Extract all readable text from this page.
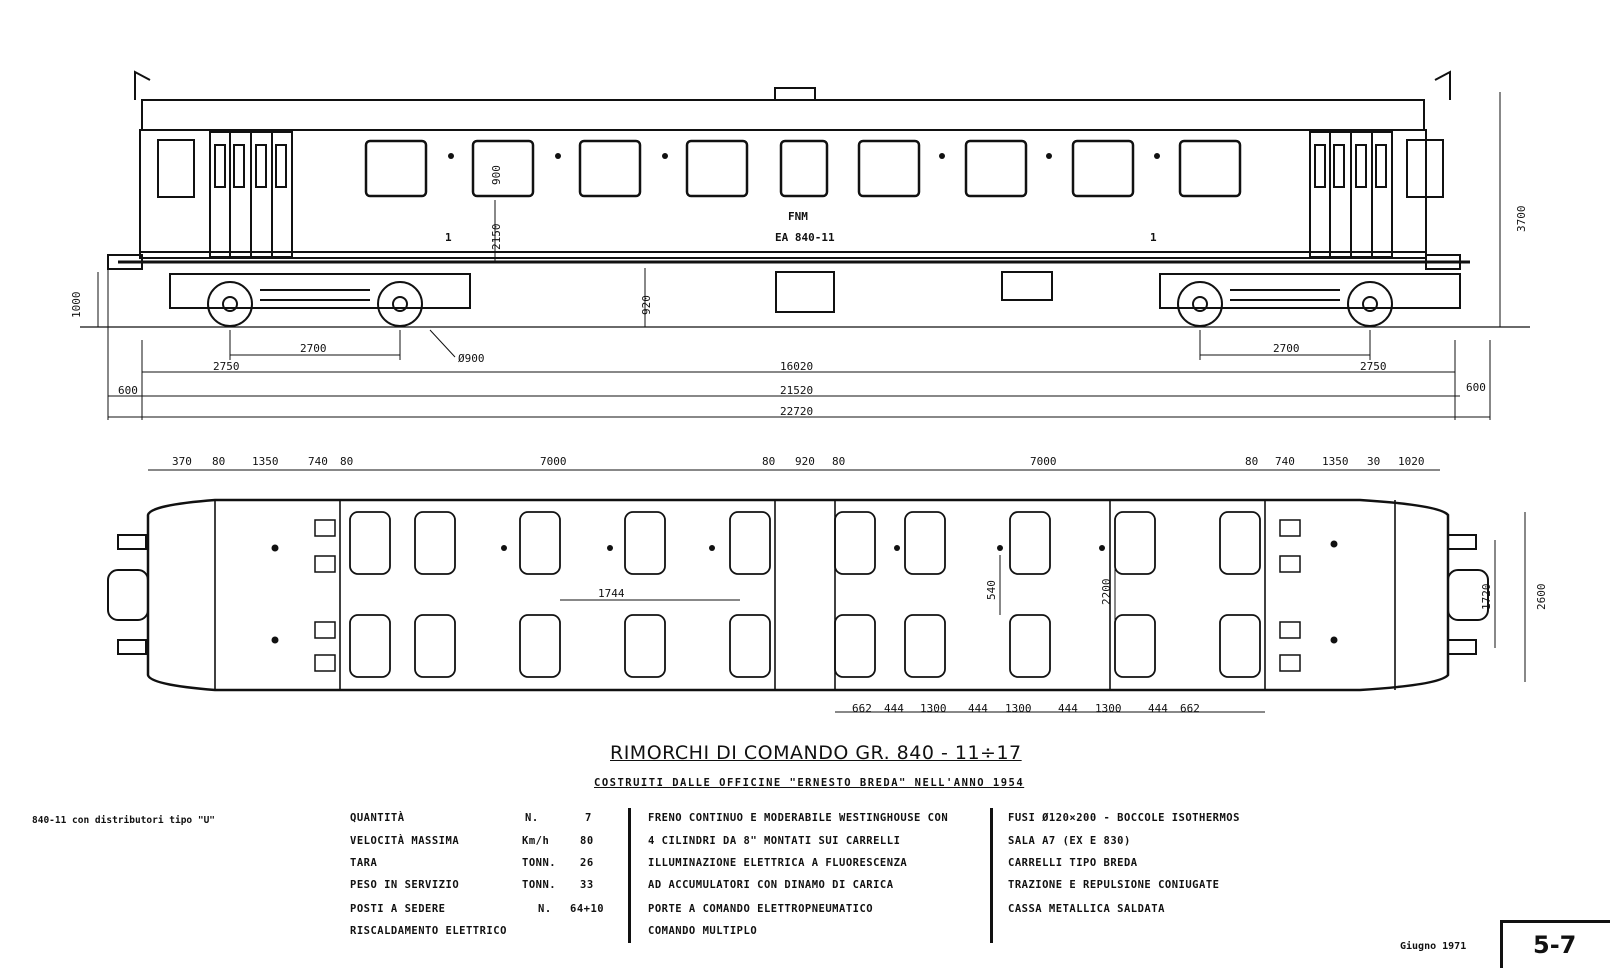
FNM
EA 840-11
1	1
3700
2150
900
1000	920
Ø900
2700	2700
2750	2750
16020
600	600
21520
22720
370 80 1350	740 80	7000	80 920 80	7000	80 740 1350 30 1020
662 444 1300 444 1300 444 1300 444 662
1744	540	2200	1720	2600
RIMORCHI DI COMANDO GR. 840 - 11÷17
COSTRUITI DALLE OFFICINE "ERNESTO BREDA" NELL'ANNO 1954
840-11 con distributori tipo "U"	QUANTITÀ	N.	7
VELOCITÀ MASSIMA	Km/h	80
TARA	TONN. 26
PESO IN SERVIZIO	TONN. 33
POSTI A SEDERE	N. 64+10
RISCALDAMENTO ELETTRICO
FRENO CONTINUO E MODERABILE WESTINGHOUSE CON
4 CILINDRI DA 8" MONTATI SUI CARRELLI
ILLUMINAZIONE ELETTRICA A FLUORESCENZA
AD ACCUMULATORI CON DINAMO DI CARICA
PORTE A COMANDO ELETTROPNEUMATICO
COMANDO MULTIPLO
FUSI Ø120×200 - BOCCOLE ISOTHERMOS
SALA A7 (EX E 830)
CARRELLI TIPO BREDA
TRAZIONE E REPULSIONE CONIUGATE
CASSA METALLICA SALDATA
Giugno 1971	5-7
